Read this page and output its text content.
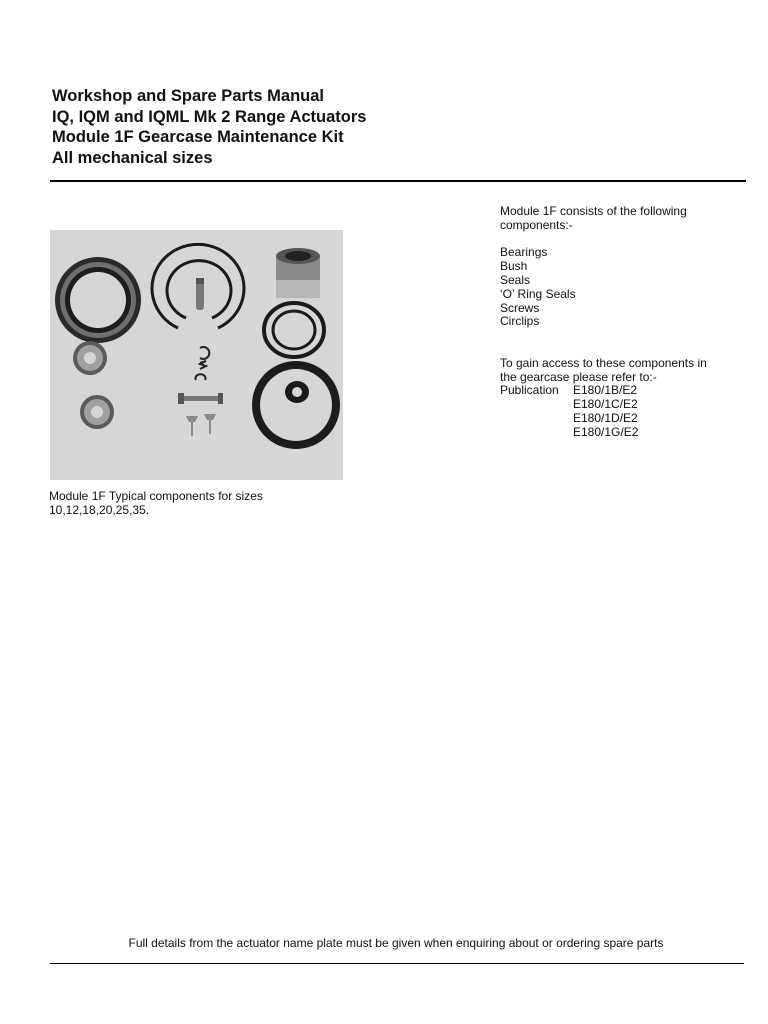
Workshop and Spare Parts Manual

IQ, IQM and IQML Mk 2 Range Actuators

Module 1F Gearcase Maintenance Kit

All mechanical sizes

Module 1F Typical components for sizes
10,12,18,20,25,35.

Module 1F consists of the following

components:-

Bearings

Bush

Seals

‘O’ Ring Seals

Screws

Circlips

To gain access to these components in

the gearcase please refer to:-

Publication	E180/1B/E2
E180/1C/E2
E180/1D/E2
E180/1G/E2
Full details from the actuator name plate must be given when enquiring about or ordering spare parts
